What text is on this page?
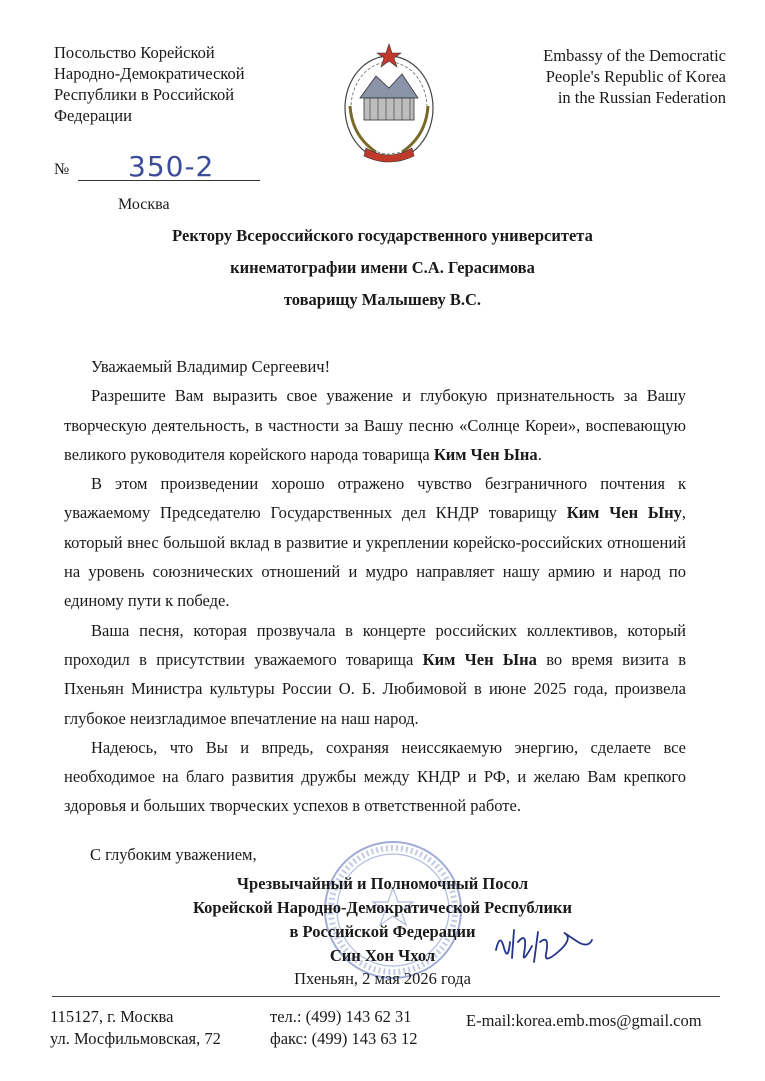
Посольство Корейской
Народно-Демократической
Республики в Российской
Федерации
Embassy of the Democratic
People's Republic of Korea
in the Russian Federation
№ 350-2
Москва
Ректору Всероссийского государственного университета
кинематографии имени С.А. Герасимова
товарищу Малышеву В.С.

Уважаемый Владимир Сергеевич!

Разрешите Вам выразить свое уважение и глубокую признательность за Вашу творческую деятельность, в частности за Вашу песню «Солнце Кореи», воспевающую великого руководителя корейского народа товарища Ким Чен Ына.

В этом произведении хорошо отражено чувство безграничного почтения к уважаемому Председателю Государственных дел КНДР товарищу Ким Чен Ыну, который внес большой вклад в развитие и укреплении корейско-российских отношений на уровень союзнических отношений и мудро направляет нашу армию и народ по единому пути к победе.

Ваша песня, которая прозвучала в концерте российских коллективов, который проходил в присутствии уважаемого товарища Ким Чен Ына во время визита в Пхеньян Министра культуры России О. Б. Любимовой в июне 2025 года, произвела глубокое неизгладимое впечатление на наш народ.

Надеюсь, что Вы и впредь, сохраняя неиссякаемую энергию, сделаете все необходимое на благо развития дружбы между КНДР и РФ, и желаю Вам крепкого здоровья и больших творческих успехов в ответственной работе.

С глубоким уважением,
Чрезвычайный и Полномочный Посол
Корейской Народно-Демократической Республики
в Российской Федерации
Син Хон Чхол
Пхеньян, 2 мая 2026 года
115127, г. Москва
ул. Мосфильмовская, 72
тел.: (499) 143 62 31
факс: (499) 143 63 12
E-mail:korea.emb.mos@gmail.com
